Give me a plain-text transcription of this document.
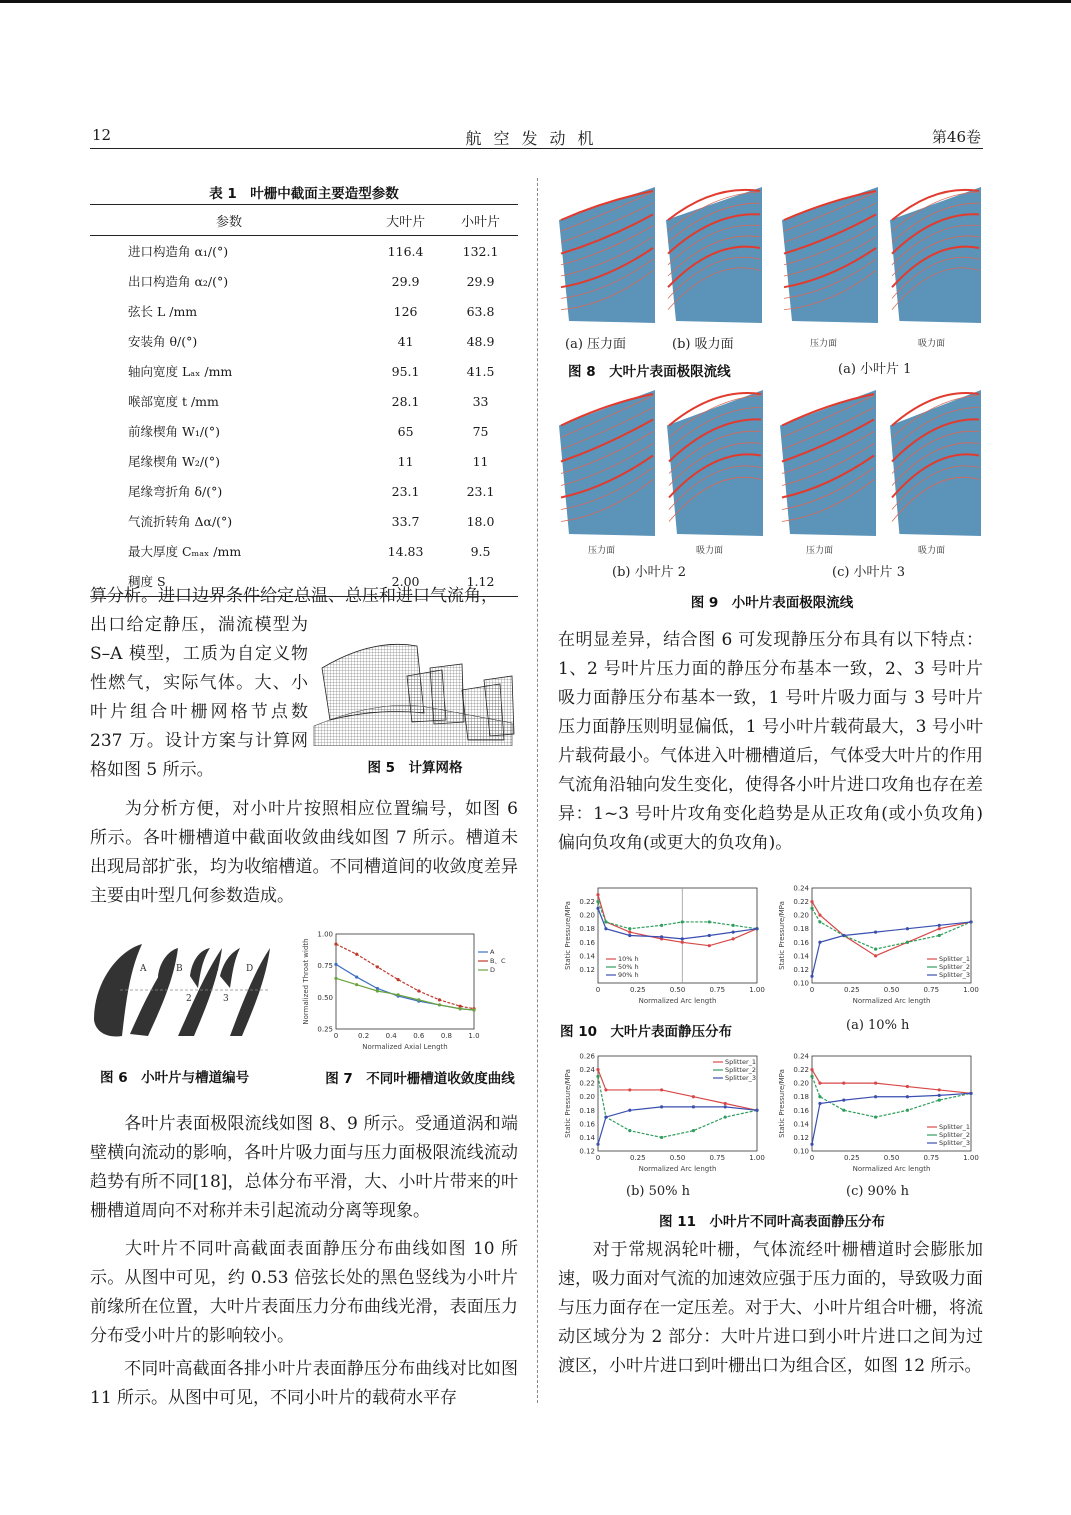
12	航空发动机	第46卷
表 1　叶栅中截面主要造型参数
参数	大叶片	小叶片
进口构造角 α₁/(°)	116.4	132.1
出口构造角 α₂/(°)	29.9	29.9
弦长 L /mm	126	63.8
安装角 θ/(°)	41	48.9
轴向宽度 Lₐₓ /mm	95.1	41.5
喉部宽度 t /mm	28.1	33
前缘楔角 W₁/(°)	65	75
尾缘楔角 W₂/(°)	11	11
尾缘弯折角 δ/(°)	23.1	23.1
气流折转角 Δα/(°)	33.7	18.0
最大厚度 Cₘₐₓ /mm	14.83	9.5
稠度 S	2.00	1.12
算分析。进口边界条件给定总温、总压和进口气流角，
出口给定静压，湍流模型为 S–A 模型，工质为自定义物性燃气，实际气体。大、小叶片组合叶栅网格节点数 237 万。设计方案与计算网格如图 5 所示。	图 5　计算网格
为分析方便，对小叶片按照相应位置编号，如图 6 所示。各叶栅槽道中截面收敛曲线如图 7 所示。槽道未出现局部扩张，均为收缩槽道。不同槽道间的收敛度差异主要由叶型几何参数造成。
A	B	C	D
1	2	3
0	0.2 0.4 0.6 0.8 1.0
0.25
0.50
0.75
1.00
Normalized Axial Length
Normalized Throat width	A
B、C
D
图 6　小叶片与槽道编号	图 7　不同叶栅槽道收敛度曲线
各叶片表面极限流线如图 8、9 所示。受通道涡和端壁横向流动的影响，各叶片吸力面与压力面极限流线流动趋势有所不同[18]，总体分布平滑，大、小叶片带来的叶栅槽道周向不对称并未引起流动分离等现象。
大叶片不同叶高截面表面静压分布曲线如图 10 所示。从图中可见，约 0.53 倍弦长处的黑色竖线为小叶片前缘所在位置，大叶片表面压力分布曲线光滑，表面压力分布受小叶片的影响较小。
不同叶高截面各排小叶片表面静压分布曲线对比如图 11 所示。从图中可见，不同小叶片的载荷水平存
(a) 压力面	(b) 吸力面
图 8　大叶片表面极限流线
压力面	吸力面
(a) 小叶片 1
压力面	吸力面	压力面	吸力面
(b) 小叶片 2	(c) 小叶片 3
图 9　小叶片表面极限流线
在明显差异，结合图 6 可发现静压分布具有以下特点：1、2 号叶片压力面的静压分布基本一致，2、3 号叶片吸力面静压分布基本一致，1 号叶片吸力面与 3 号叶片压力面静压则明显偏低，1 号小叶片载荷最大，3 号小叶片载荷最小。气体进入叶栅槽道后，气体受大叶片的作用气流角沿轴向发生变化，使得各小叶片进口攻角也存在差异：1~3 号叶片攻角变化趋势是从正攻角(或小负攻角)偏向负攻角(或更大的负攻角)。
0	0.25	0.50	0.75	1.00
0.12
0.14
0.16
0.18
0.20
0.22
Normalized Arc length
Static Pressure/MPa	10% h
50% h
90% h
0	0.25	0.50	0.75	1.00
0.10
0.12
0.14
0.16
0.18
0.20
0.22
0.24
Normalized Arc length
Static Pressure/MPa	Splitter_1
Splitter_2
Splitter_3
图 10　大叶片表面静压分布	(a) 10% h
0	0.25	0.50	0.75	1.00
0.12
0.14
0.16
0.18
0.20
0.22
0.24
0.26
Normalized Arc length
Static Pressure/MPa
Splitter_1
Splitter_2
Splitter_3
0	0.25	0.50	0.75	1.00
0.10
0.12
0.14
0.16
0.18
0.20
0.22
0.24
Normalized Arc length
Static Pressure/MPa	Splitter_1
Splitter_2
Splitter_3
(b) 50% h	(c) 90% h
图 11　小叶片不同叶高表面静压分布
对于常规涡轮叶栅，气体流经叶栅槽道时会膨胀加速，吸力面对气流的加速效应强于压力面的，导致吸力面与压力面存在一定压差。对于大、小叶片组合叶栅，将流动区域分为 2 部分：大叶片进口到小叶片进口之间为过渡区，小叶片进口到叶栅出口为组合区，如图 12 所示。
